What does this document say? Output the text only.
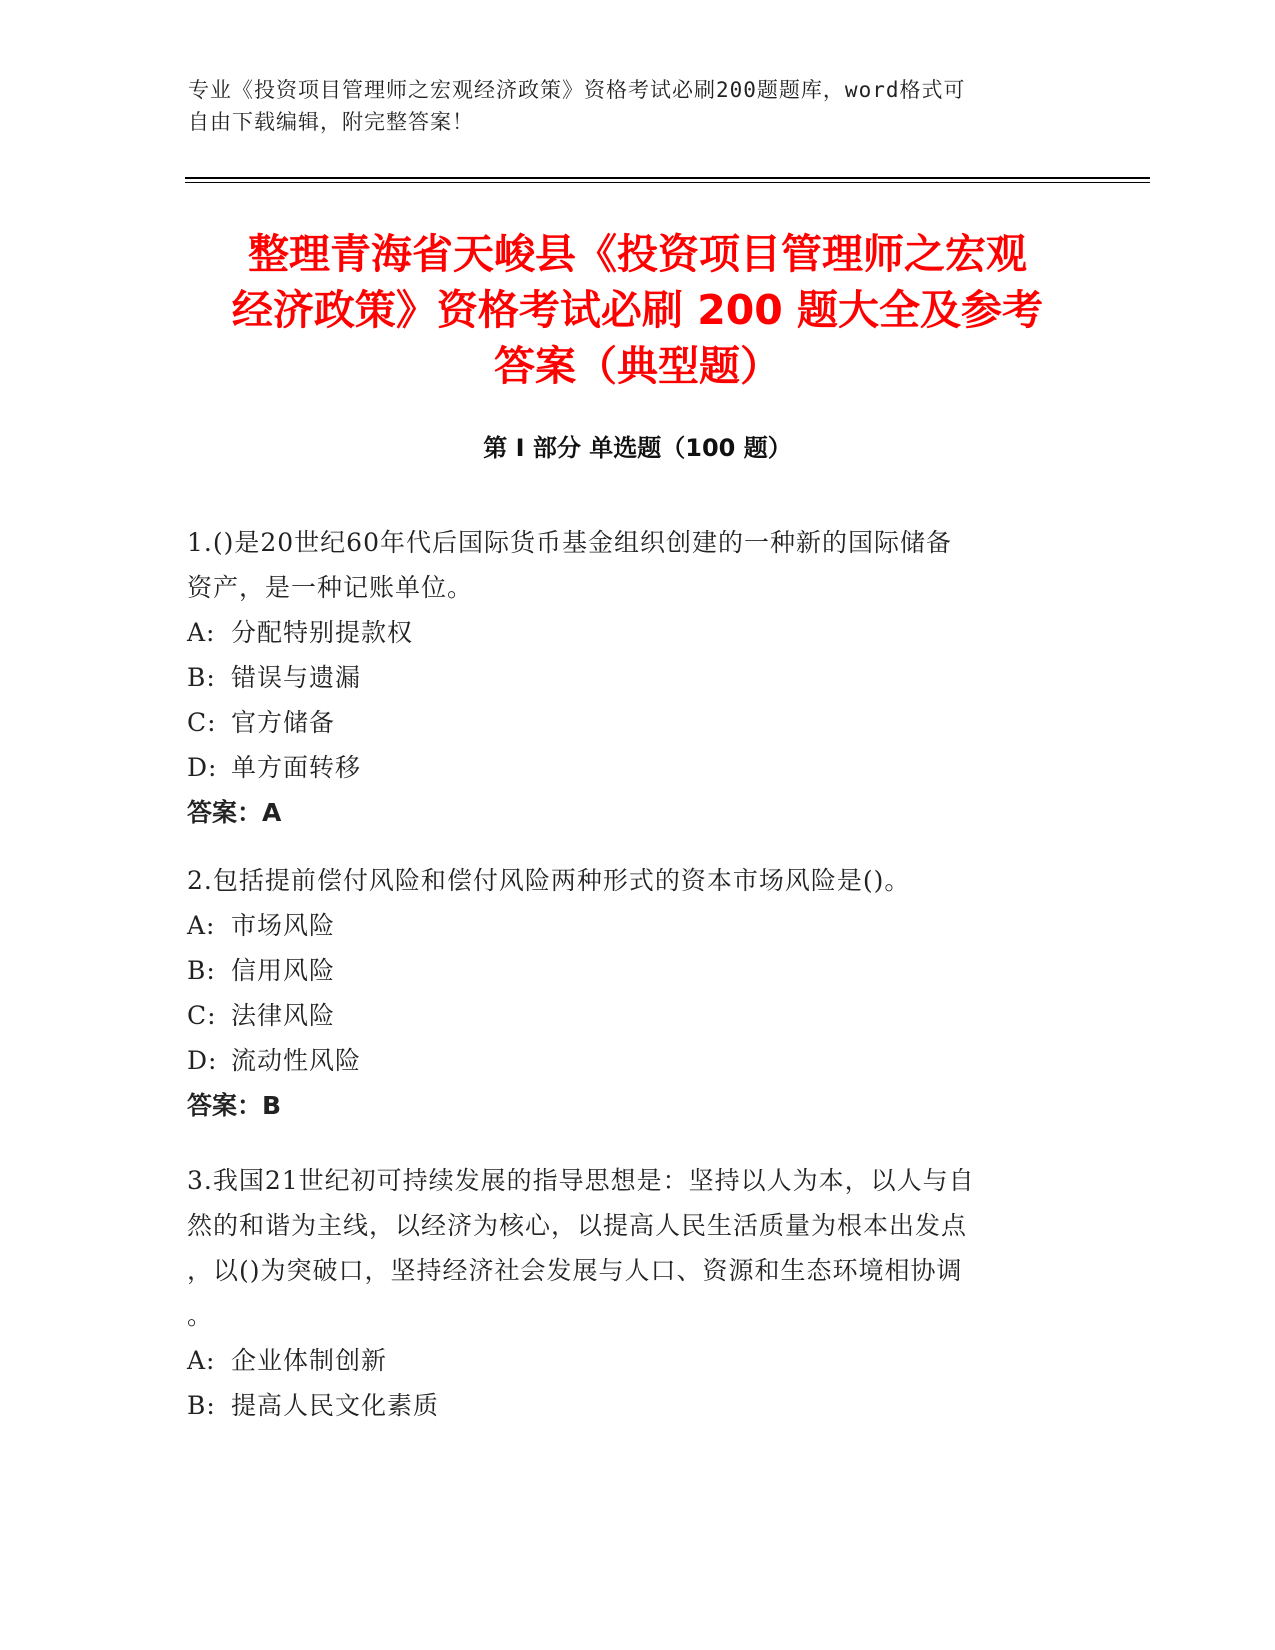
专业《投资项目管理师之宏观经济政策》资格考试必刷200题题库，word格式可
自由下载编辑，附完整答案！
整理青海省天峻县《投资项目管理师之宏观
经济政策》资格考试必刷 200 题大全及参考
答案（典型题）
第 I 部分 单选题（100 题）

1.()是20世纪60年代后国际货币基金组织创建的一种新的国际储备

资产，是一种记账单位。

A: 分配特别提款权

B: 错误与遗漏

C: 官方储备

D: 单方面转移

答案：A

2.包括提前偿付风险和偿付风险两种形式的资本市场风险是()。

A: 市场风险

B: 信用风险

C: 法律风险

D: 流动性风险

答案：B

3.我国21世纪初可持续发展的指导思想是：坚持以人为本，以人与自

然的和谐为主线，以经济为核心，以提高人民生活质量为根本出发点

，以()为突破口，坚持经济社会发展与人口、资源和生态环境相协调

。

A: 企业体制创新

B: 提高人民文化素质
